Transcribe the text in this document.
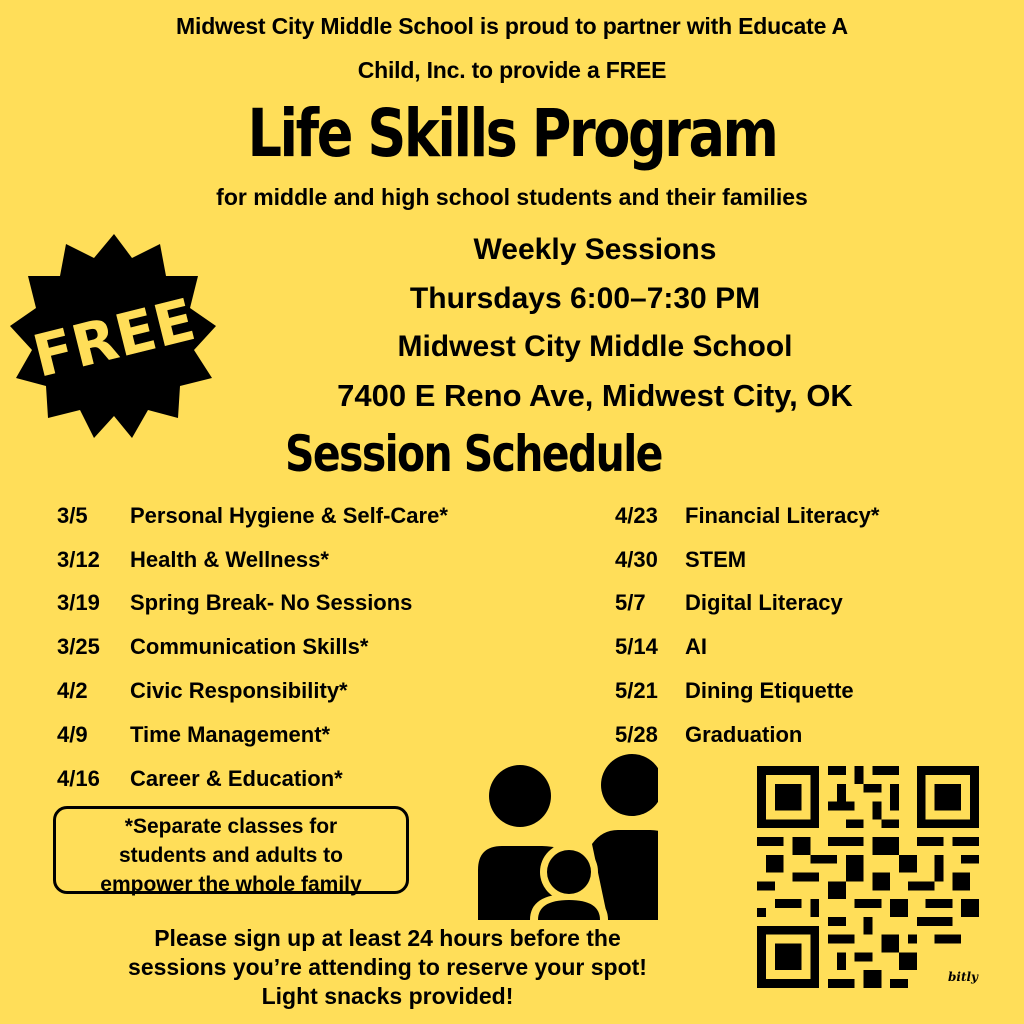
Midwest City Middle School is proud to partner with Educate A
Child, Inc. to provide a FREE
Life Skills Program
for middle and high school students and their families
FREE
Weekly Sessions
Thursdays 6:00–7:30 PM
Midwest City Middle School
7400 E Reno Ave, Midwest City, OK
Session Schedule
3/5	Personal Hygiene & Self-Care*
3/12	Health & Wellness*
3/19	Spring Break- No Sessions
3/25	Communication Skills*
4/2	Civic Responsibility*
4/9	Time Management*
4/16	Career & Education*
4/23	Financial Literacy*
4/30	STEM
5/7	Digital Literacy
5/14	AI
5/21	Dining Etiquette
5/28	Graduation
*Separate classes for
students and adults to
empower the whole family
bitly
Please sign up at least 24 hours before the
sessions you’re attending to reserve your spot!
Light snacks provided!
